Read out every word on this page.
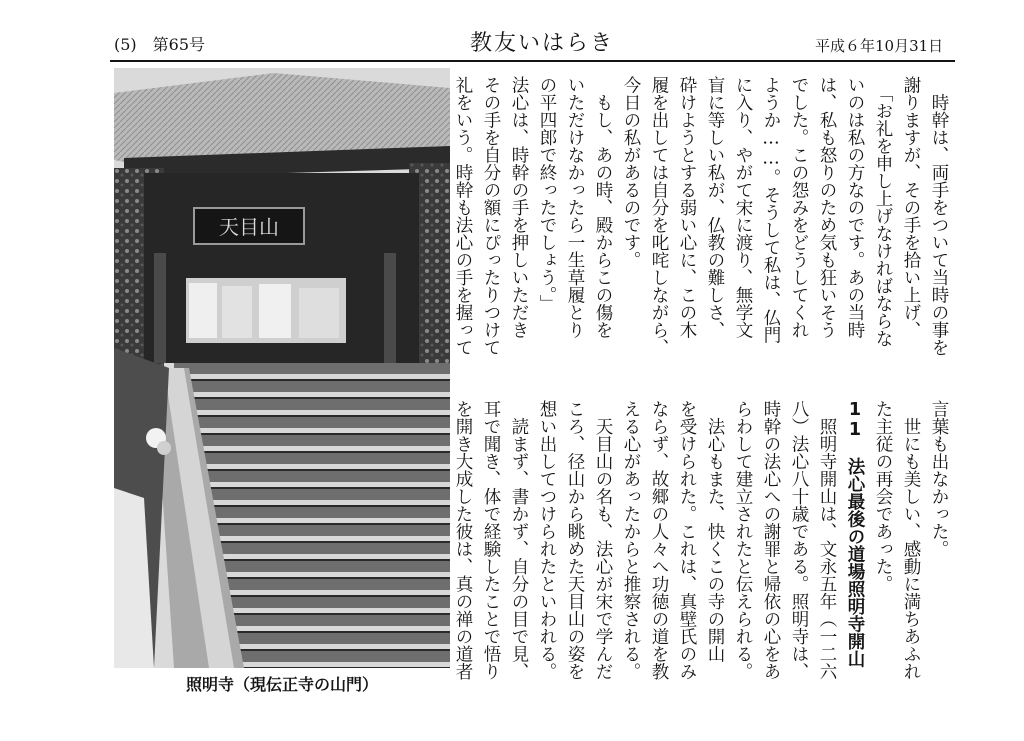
(5)　第65号	教友いはらき	平成６年10月31日
天目山
照明寺（現伝正寺の山門）
　時幹は、両手をついて当時の事を
謝りますが、その手を拾い上げ、
　「お礼を申し上げなければならな
いのは私の方なのです。あの当時
は、私も怒りのため気も狂いそう
でした。この怨みをどうしてくれ
ようか……。そうして私は、仏門
に入り、やがて宋に渡り、無学文
盲に等しい私が、仏教の難しさ、
砕けようとする弱い心に、この木
履を出しては自分を叱咤しながら、
今日の私があるのです。
　もし、あの時、殿からこの傷を
いただけなかったら一生草履とり
の平四郎で終ったでしょう。」
法心は、時幹の手を押しいただき
その手を自分の額にぴったりつけて
礼をいう。時幹も法心の手を握って
言葉も出なかった。
　世にも美しい、感動に満ちあふれ
た主従の再会であった。
11　法心最後の道場照明寺開山
　照明寺開山は、文永五年（一二六
八）法心八十歳である。照明寺は、
時幹の法心への謝罪と帰依の心をあ
らわして建立されたと伝えられる。
　法心もまた、快くこの寺の開山
を受けられた。これは、真壁氏のみ
ならず、故郷の人々へ功徳の道を教
える心があったからと推察される。
　天目山の名も、法心が宋で学んだ
ころ、径山から眺めた天目山の姿を
想い出してつけられたといわれる。
　読まず、書かず、自分の目で見、
耳で聞き、体で経験したことで悟り
を開き大成した彼は、真の禅の道者
